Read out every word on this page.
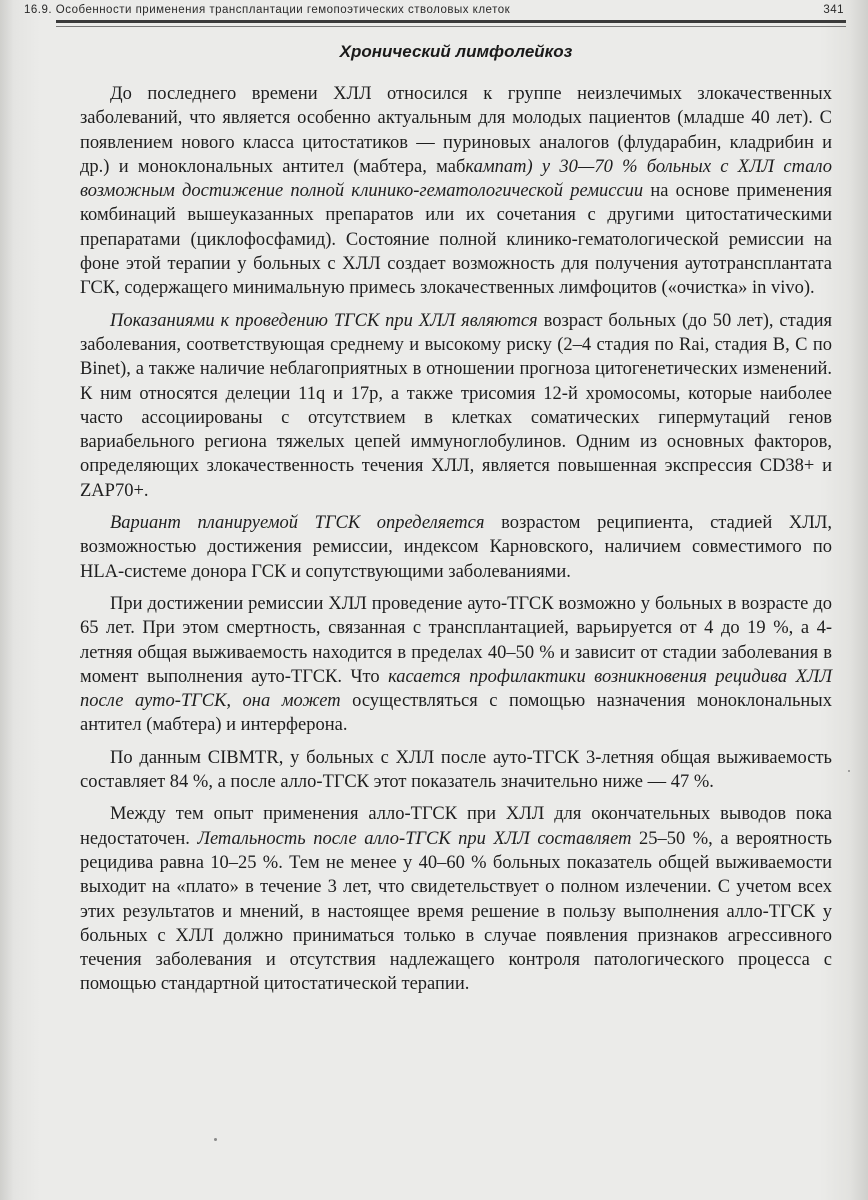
16.9. Особенности применения трансплантации гемопоэтических стволовых клеток	341
Хронический лимфолейкоз

До последнего времени ХЛЛ относился к группе неизлечимых злокачественных заболеваний, что является особенно актуальным для молодых пациентов (младше 40 лет). С появлением нового класса цитостатиков — пуриновых аналогов (флударабин, кладрибин и др.) и моноклональных антител (мабтера, мабкампат) у 30—70 % больных с ХЛЛ стало возможным достижение полной клинико-гематологической ремиссии на основе применения комбинаций вышеуказанных препаратов или их сочетания с другими цитостатическими препаратами (циклофосфамид). Состояние полной клинико-гематологической ремиссии на фоне этой терапии у больных с ХЛЛ создает возможность для получения аутотрансплантата ГСК, содержащего минимальную примесь злокачественных лимфоцитов («очистка» in vivo).

Показаниями к проведению ТГСК при ХЛЛ являются возраст больных (до 50 лет), стадия заболевания, соответствующая среднему и высокому риску (2–4 стадия по Rai, стадия B, C по Binet), а также наличие неблагоприятных в отношении прогноза цитогенетических изменений. К ним относятся делеции 11q и 17p, а также трисомия 12-й хромосомы, которые наиболее часто ассоциированы с отсутствием в клетках соматических гипермутаций генов вариабельного региона тяжелых цепей иммуноглобулинов. Одним из основных факторов, определяющих злокачественность течения ХЛЛ, является повышенная экспрессия CD38+ и ZAP70+.

Вариант планируемой ТГСК определяется возрастом реципиента, стадией ХЛЛ, возможностью достижения ремиссии, индексом Карновского, наличием совместимого по HLA-системе донора ГСК и сопутствующими заболеваниями.

При достижении ремиссии ХЛЛ проведение ауто-ТГСК возможно у больных в возрасте до 65 лет. При этом смертность, связанная с трансплантацией, варьируется от 4 до 19 %, а 4-летняя общая выживаемость находится в пределах 40–50 % и зависит от стадии заболевания в момент выполнения ауто-ТГСК. Что касается профилактики возникновения рецидива ХЛЛ после ауто-ТГСК, она может осуществляться с помощью назначения моноклональных антител (мабтера) и интерферона.

По данным CIBMTR, у больных с ХЛЛ после ауто-ТГСК 3-летняя общая выживаемость составляет 84 %, а после алло-ТГСК этот показатель значительно ниже — 47 %.

Между тем опыт применения алло-ТГСК при ХЛЛ для окончательных выводов пока недостаточен. Летальность после алло-ТГСК при ХЛЛ составляет 25–50 %, а вероятность рецидива равна 10–25 %. Тем не менее у 40–60 % больных показатель общей выживаемости выходит на «плато» в течение 3 лет, что свидетельствует о полном излечении. С учетом всех этих результатов и мнений, в настоящее время решение в пользу выполнения алло-ТГСК у больных с ХЛЛ должно приниматься только в случае появления признаков агрессивного течения заболевания и отсутствия надлежащего контроля патологического процесса с помощью стандартной цитостатической терапии.
